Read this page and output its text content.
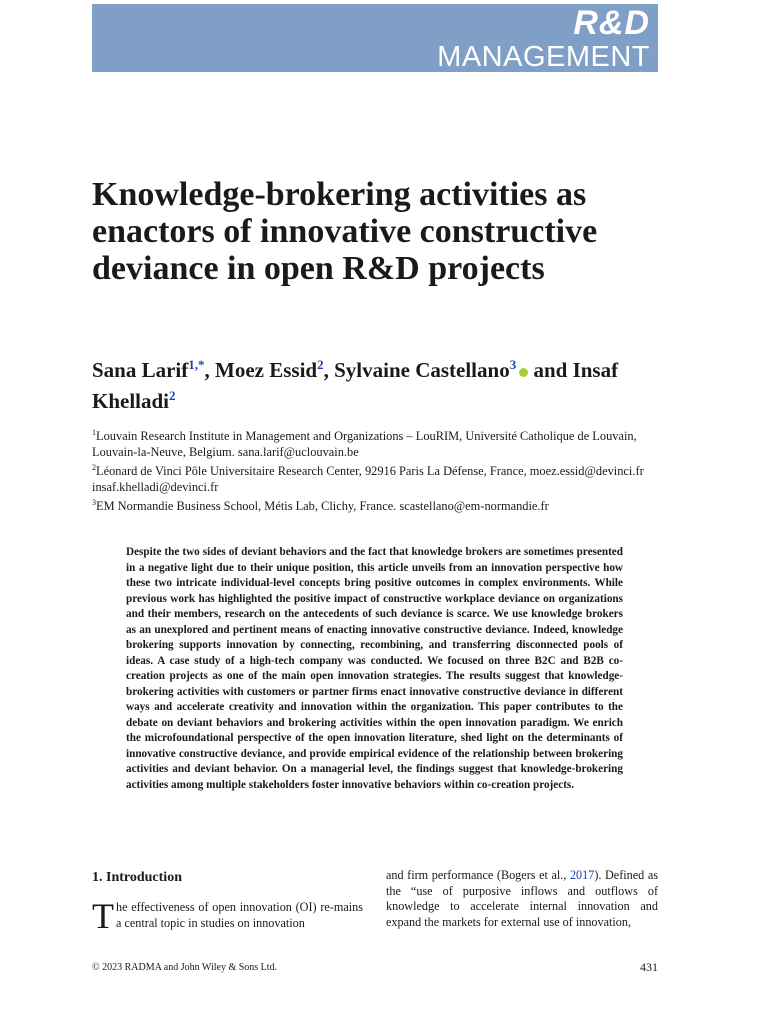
R&D
MANAGEMENT
Knowledge-brokering activities as enactors of innovative constructive deviance in open R&D projects

Sana Larif$^{1,*}$, Moez Essid$^2$, Sylvaine Castellano$^3$ and Insaf Khelladi$^2$

$^1$Louvain Research Institute in Management and Organizations – LouRIM, Université Catholique de Louvain, Louvain-la-Neuve, Belgium. sana.larif@uclouvain.be
$^2$Léonard de Vinci Pôle Universitaire Research Center, 92916 Paris La Défense, France, moez.essid@devinci.fr insaf.khelladi@devinci.fr
$^3$EM Normandie Business School, Métis Lab, Clichy, France. scastellano@em-normandie.fr

Despite the two sides of deviant behaviors and the fact that knowledge brokers are sometimes presented in a negative light due to their unique position, this article unveils from an innovation perspective how these two intricate individual-level concepts bring positive outcomes in complex environments. While previous work has highlighted the positive impact of constructive workplace deviance on organizations and their members, research on the antecedents of such deviance is scarce. We use knowledge brokers as an unexplored and pertinent means of enacting innovative constructive deviance. Indeed, knowledge brokering supports innovation by connecting, recombining, and transferring disconnected pools of ideas. A case study of a high-tech company was conducted. We focused on three B2C and B2B co-creation projects as one of the main open innovation strategies. The results suggest that knowledge-brokering activities with customers or partner firms enact innovative constructive deviance in different ways and accelerate creativity and innovation within the organization. This paper contributes to the debate on deviant behaviors and brokering activities within the open innovation paradigm. We enrich the microfoundational perspective of the open innovation literature, shed light on the determinants of innovative constructive deviance, and provide empirical evidence of the relationship between brokering activities and deviant behavior. On a managerial level, the findings suggest that knowledge-brokering activities among multiple stakeholders foster innovative behaviors within co-creation projects.

1. Introduction
The effectiveness of open innovation (OI) re-mains a central topic in studies on innovation
and firm performance (Bogers et al., 2017). Defined as the “use of purposive inflows and outflows of knowledge to accelerate internal innovation and expand the markets for external use of innovation,
© 2023 RADMA and John Wiley & Sons Ltd.	431
